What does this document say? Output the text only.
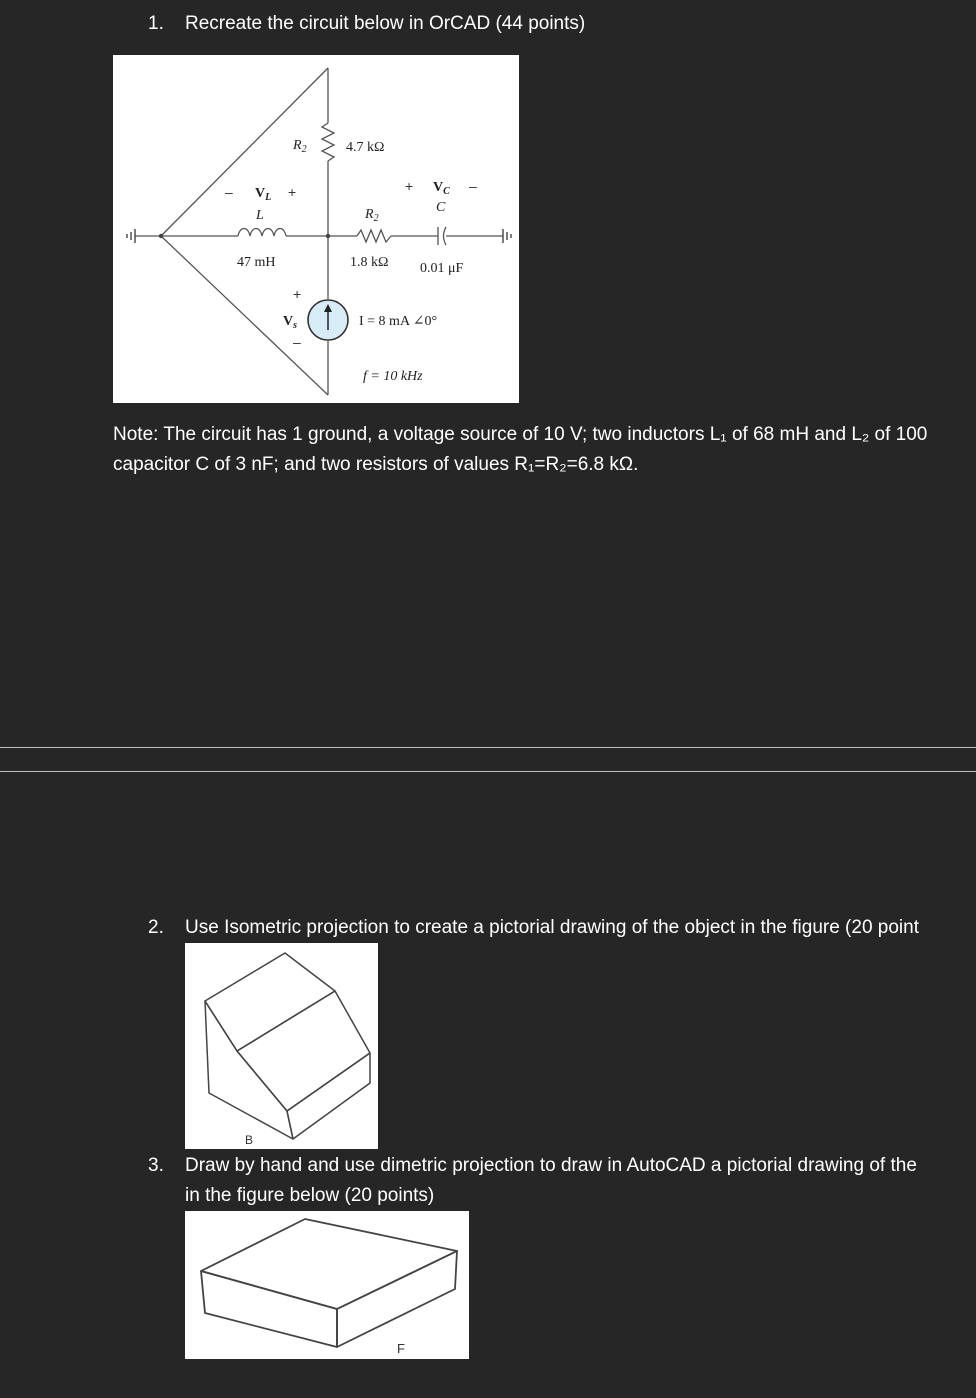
1. Recreate the circuit below in OrCAD (44 points)
$R_2$	4.7 kΩ
– $V_L$ +
L
47 mH
+ $V_C$ –
C
0.01 μF
$R_2$
1.8 kΩ
+
$V_s$
–
I = 8 mA ∠0°
f = 10 kHz
Note: The circuit has 1 ground, a voltage source of 10 V; two inductors L₁ of 68 mH and L₂ of 100
capacitor C of 3 nF; and two resistors of values R₁=R₂=6.8 kΩ.
2. Use Isometric projection to create a pictorial drawing of the object in the figure (20 point
B
3. Draw by hand and use dimetric projection to draw in AutoCAD a pictorial drawing of the
in the figure below (20 points)
F
